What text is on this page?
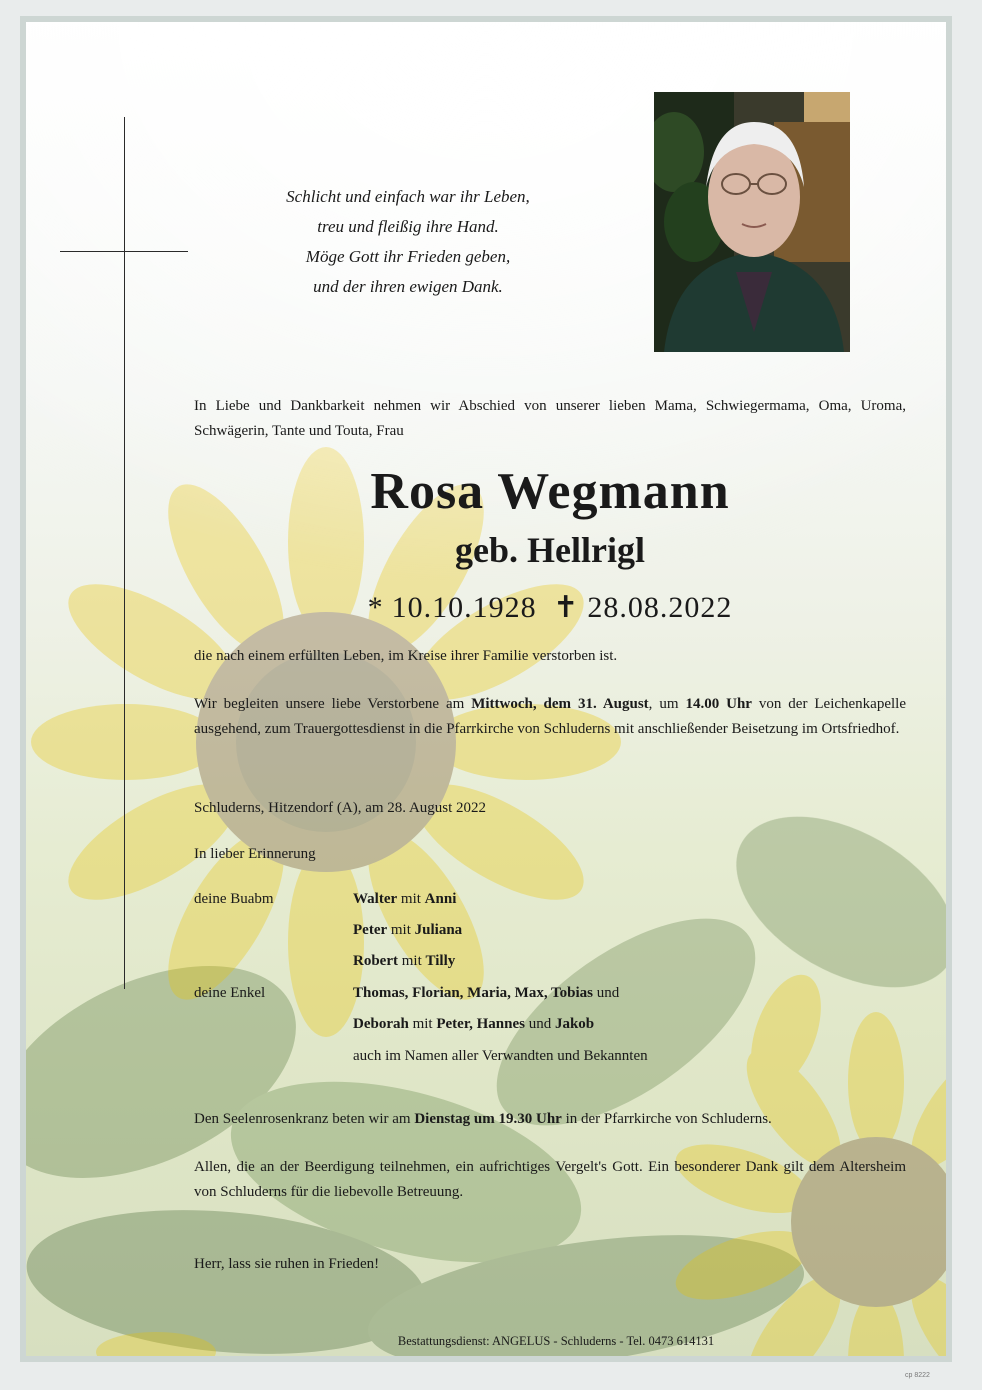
Schlicht und einfach war ihr Leben,
treu und fleißig ihre Hand.
Möge Gott ihr Frieden geben,
und der ihren ewigen Dank.
In Liebe und Dankbarkeit nehmen wir Abschied von unserer lieben Mama, Schwiegermama, Oma, Uroma, Schwägerin, Tante und Touta, Frau
Rosa Wegmann
geb. Hellrigl
* 10.10.1928 ✝ 28.08.2022
die nach einem erfüllten Leben, im Kreise ihrer Familie verstorben ist.
Wir begleiten unsere liebe Verstorbene am Mittwoch, dem 31. August, um 14.00 Uhr von der Leichenkapelle ausgehend, zum Trauergottesdienst in die Pfarrkirche von Schluderns mit anschließender Beisetzung im Ortsfriedhof.
Schluderns, Hitzendorf (A), am 28. August 2022
In lieber Erinnerung
deine Buabm	Walter mit Anni
Peter mit Juliana
Robert mit Tilly
deine Enkel	Thomas, Florian, Maria, Max, Tobias und
Deborah mit Peter, Hannes und Jakob
auch im Namen aller Verwandten und Bekannten
Den Seelenrosenkranz beten wir am Dienstag um 19.30 Uhr in der Pfarrkirche von Schluderns.
Allen, die an der Beerdigung teilnehmen, ein aufrichtiges Vergelt's Gott. Ein besonderer Dank gilt dem Altersheim von Schluderns für die liebevolle Betreuung.
Herr, lass sie ruhen in Frieden!
Bestattungsdienst: ANGELUS - Schluderns - Tel. 0473 614131
cp 8222
